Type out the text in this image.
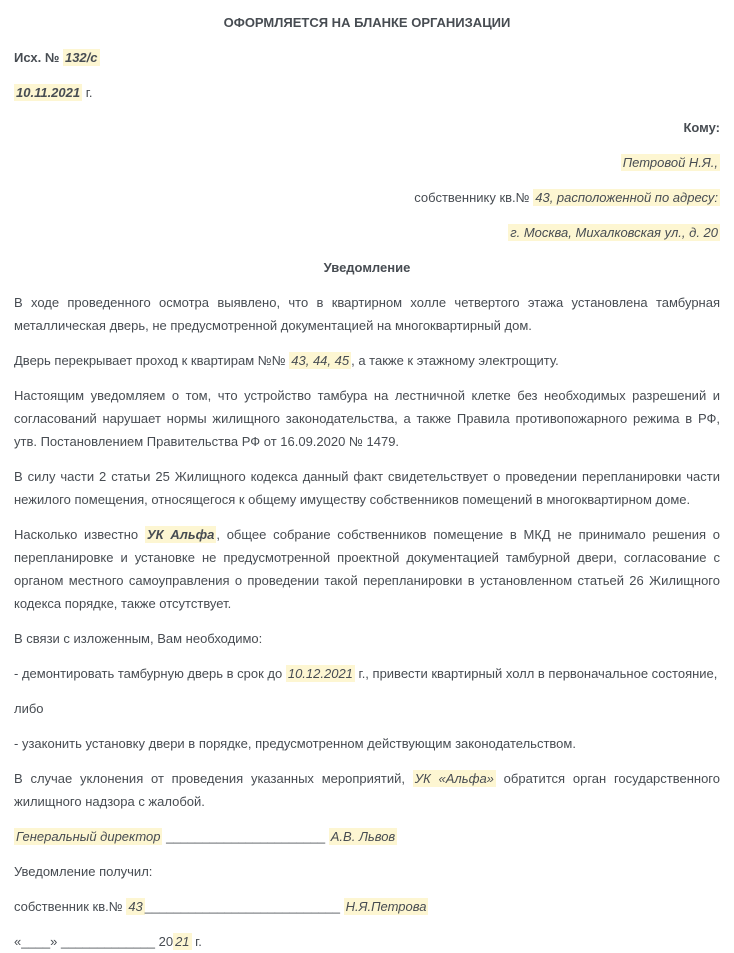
ОФОРМЛЯЕТСЯ НА БЛАНКЕ ОРГАНИЗАЦИИ

Исх. № 132/с

10.11.2021 г.

Кому:

Петровой Н.Я.,

собственнику кв.№ 43, расположенной по адресу:

г. Москва, Михалковская ул., д. 20

Уведомление

В ходе проведенного осмотра выявлено, что в квартирном холле четвертого этажа установлена тамбурная металлическая дверь, не предусмотренной документацией на многоквартирный дом.

Дверь перекрывает проход к квартирам №№ 43, 44, 45 , а также к этажному электрощиту.

Настоящим уведомляем о том, что устройство тамбура на лестничной клетке без необходимых разрешений и согласований нарушает нормы жилищного законодательства, а также Правила противопожарного режима в РФ, утв. Постановлением Правительства РФ от 16.09.2020 № 1479.

В силу части 2 статьи 25 Жилищного кодекса данный факт свидетельствует о проведении перепланировки части нежилого помещения, относящегося к общему имуществу собственников помещений в многоквартирном доме.

Насколько известно УК Альфа , общее собрание собственников помещение в МКД не принимало решения о перепланировке и установке не предусмотренной проектной документацией тамбурной двери, согласование с органом местного самоуправления о проведении такой перепланировки в установленном статьей 26 Жилищного кодекса порядке, также отсутствует.

В связи с изложенным, Вам необходимо:

- демонтировать тамбурную дверь в срок до 10.12.2021 г., привести квартирный холл в первоначальное состояние,

либо

- узаконить установку двери в порядке, предусмотренном действующим законодательством.

В случае уклонения от проведения указанных мероприятий, УК «Альфа» обратится орган государственного жилищного надзора с жалобой.

Генеральный директор ______________________ А.В. Львов

Уведомление получил:

собственник кв.№ 43 ___________________________ Н.Я.Петрова

«____» _____________ 20 21 г.
